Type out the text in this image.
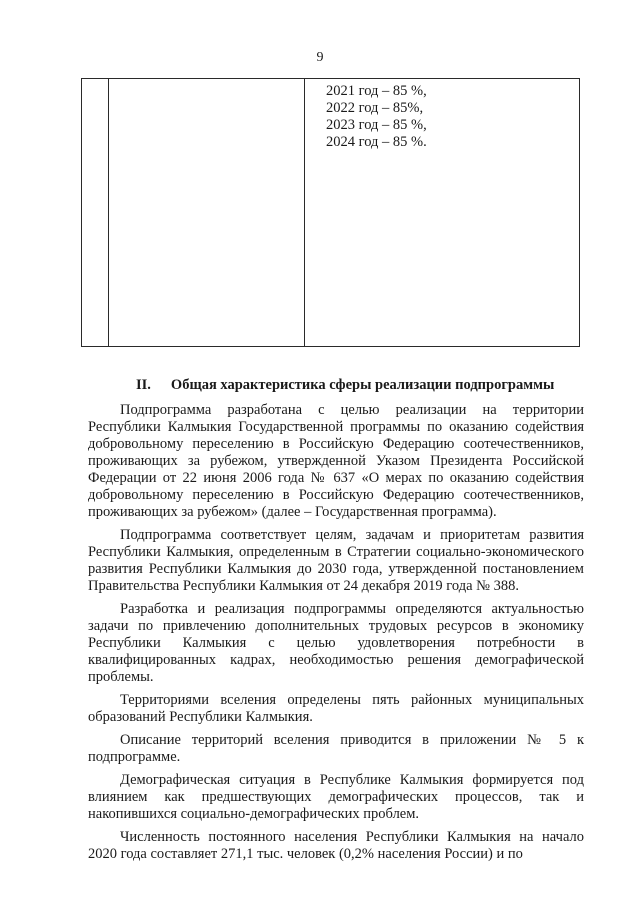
9
2021 год – 85 %,
2022 год – 85%,
2023 год – 85 %,
2024 год – 85 %.
II. Общая характеристика сферы реализации подпрограммы

Подпрограмма разработана с целью реализации на территории Республики Калмыкия Государственной программы по оказанию содействия добровольному переселению в Российскую Федерацию соотечественников, проживающих за рубежом, утвержденной Указом Президента Российской Федерации от 22 июня 2006 года № 637 «О мерах по оказанию содействия добровольному переселению в Российскую Федерацию соотечественников, проживающих за рубежом» (далее – Государственная программа).

Подпрограмма соответствует целям, задачам и приоритетам развития Республики Калмыкия, определенным в Стратегии социально-экономического развития Республики Калмыкия до 2030 года, утвержденной постановлением Правительства Республики Калмыкия от 24 декабря 2019 года № 388.

Разработка и реализация подпрограммы определяются актуальностью задачи по привлечению дополнительных трудовых ресурсов в экономику Республики Калмыкия с целью удовлетворения потребности в квалифицированных кадрах, необходимостью решения демографической проблемы.

Территориями вселения определены пять районных муниципальных образований Республики Калмыкия.

Описание территорий вселения приводится в приложении № 5 к подпрограмме.

Демографическая ситуация в Республике Калмыкия формируется под влиянием как предшествующих демографических процессов, так и накопившихся социально-демографических проблем.

Численность постоянного населения Республики Калмыкия на начало 2020 года составляет 271,1 тыс. человек (0,2% населения России) и по
